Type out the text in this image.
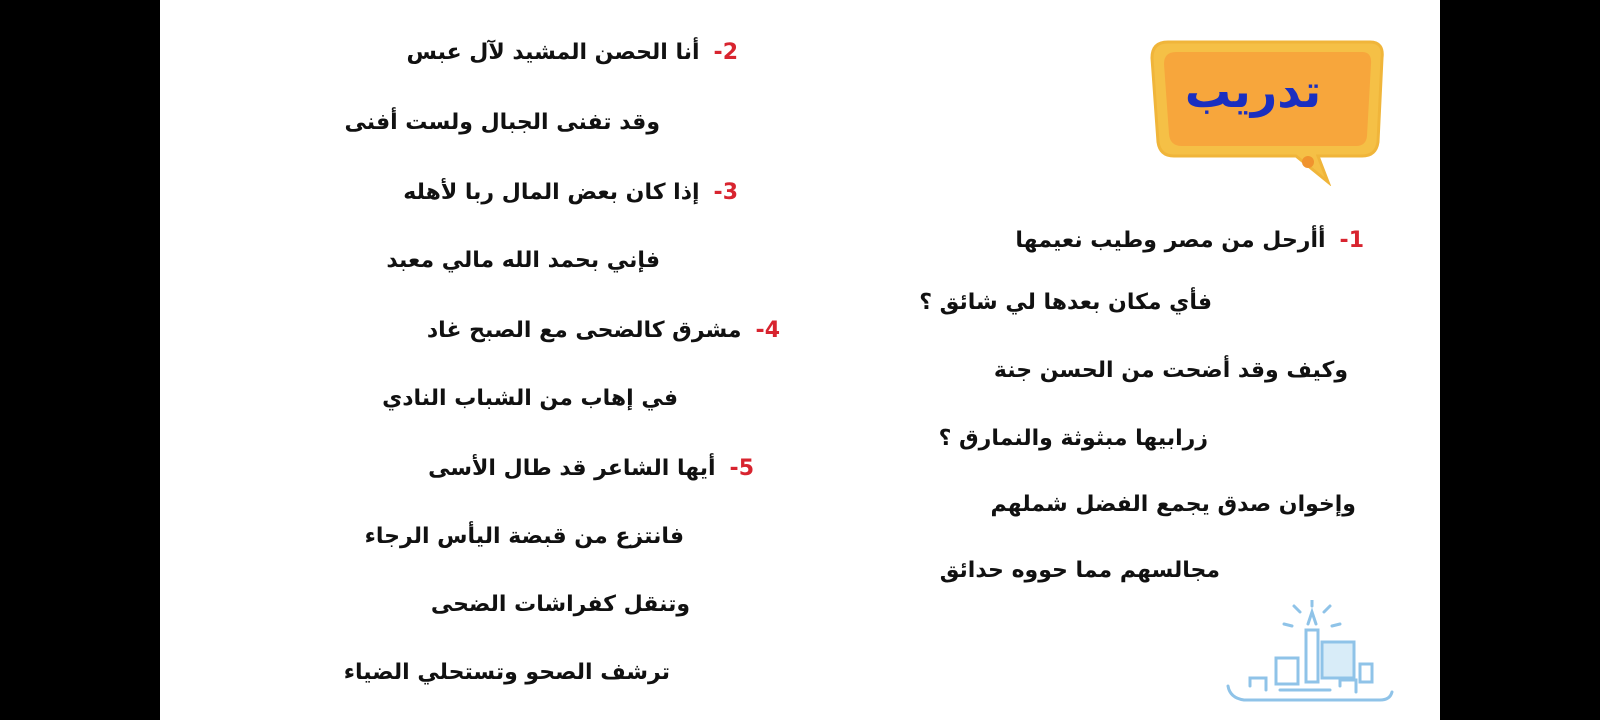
تدريب
1-أأرحل من مصر وطيب نعيمها
فأي مكان بعدها لي شائق ؟
وكيف وقد أضحت من الحسن جنة
زرابيها مبثوثة والنمارق ؟
وإخوان صدق يجمع الفضل شملهم
مجالسهم مما حووه حدائق
2-أنا الحصن المشيد لآل عبس
وقد تفنى الجبال ولست أفنى
3-إذا كان بعض المال ربا لأهله
فإني بحمد الله مالي معبد
4-مشرق كالضحى مع الصبح غاد
في إهاب من الشباب النادي
5-أيها الشاعر قد طال الأسى
فانتزع من قبضة اليأس الرجاء
وتنقل كفراشات الضحى
ترشف الصحو وتستحلي الضياء
